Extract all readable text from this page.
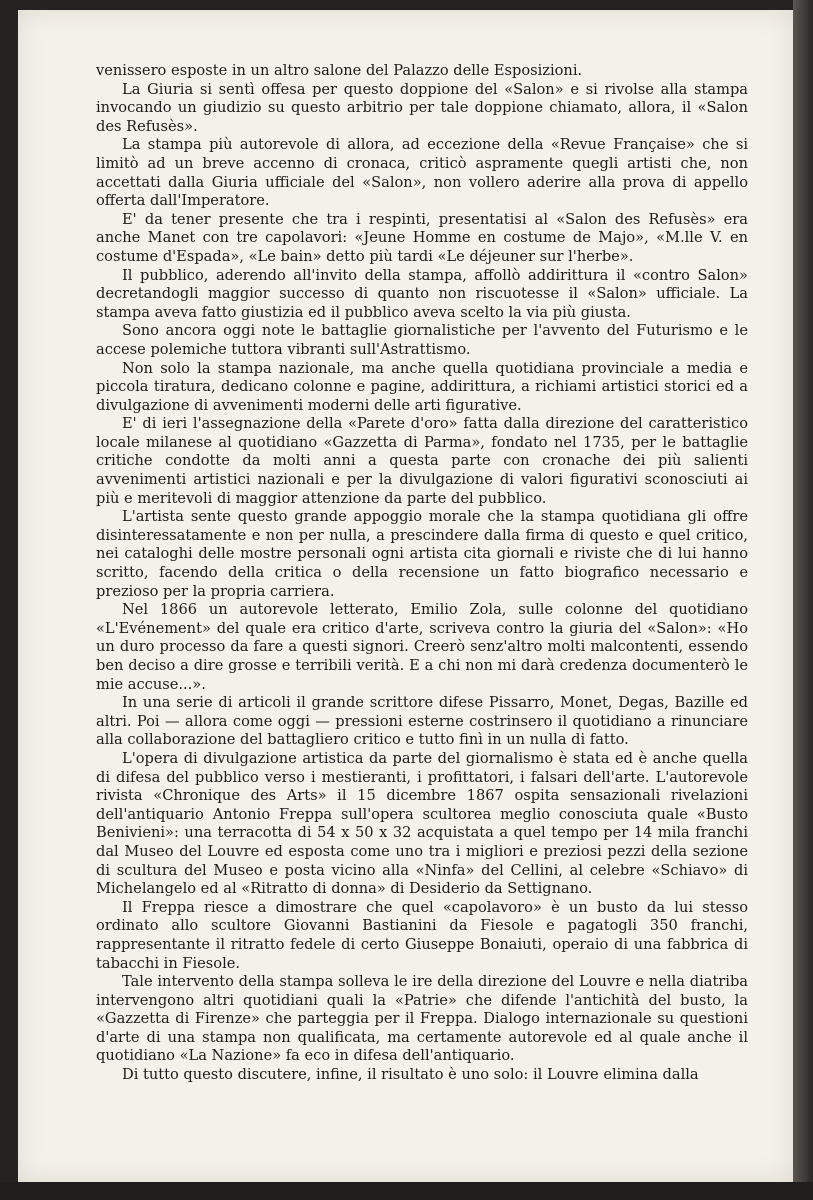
venissero esposte in un altro salone del Palazzo delle Esposizioni.

La Giuria si sentì offesa per questo doppione del «Salon» e si rivolse alla stampa invocando un giudizio su questo arbitrio per tale doppione chiamato, allora, il «Salon des Refusès».

La stampa più autorevole di allora, ad eccezione della «Revue Française» che si limitò ad un breve accenno di cronaca, criticò aspramente quegli artisti che, non accettati dalla Giuria ufficiale del «Salon», non vollero aderire alla prova di appello offerta dall'Imperatore.

E' da tener presente che tra i respinti, presentatisi al «Salon des Refusès» era anche Manet con tre capolavori: «Jeune Homme en costume de Majo», «M.lle V. en costume d'Espada», «Le bain» detto più tardi «Le déjeuner sur l'herbe».

Il pubblico, aderendo all'invito della stampa, affollò addirittura il «contro Salon» decretandogli maggior successo di quanto non riscuotesse il «Salon» ufficiale. La stampa aveva fatto giustizia ed il pubblico aveva scelto la via più giusta.

Sono ancora oggi note le battaglie giornalistiche per l'avvento del Futurismo e le accese polemiche tuttora vibranti sull'Astrattismo.

Non solo la stampa nazionale, ma anche quella quotidiana provinciale a media e piccola tiratura, dedicano colonne e pagine, addirittura, a richiami artistici storici ed a divulgazione di avvenimenti moderni delle arti figurative.

E' di ieri l'assegnazione della «Parete d'oro» fatta dalla direzione del caratteristico locale milanese al quotidiano «Gazzetta di Parma», fondato nel 1735, per le battaglie critiche condotte da molti anni a questa parte con cronache dei più salienti avvenimenti artistici nazionali e per la divulgazione di valori figurativi sconosciuti ai più e meritevoli di maggior attenzione da parte del pubblico.

L'artista sente questo grande appoggio morale che la stampa quotidiana gli offre disinteressatamente e non per nulla, a prescindere dalla firma di questo e quel critico, nei cataloghi delle mostre personali ogni artista cita giornali e riviste che di lui hanno scritto, facendo della critica o della recensione un fatto biografico necessario e prezioso per la propria carriera.

Nel 1866 un autorevole letterato, Emilio Zola, sulle colonne del quotidiano «L'Evénement» del quale era critico d'arte, scriveva contro la giuria del «Salon»: «Ho un duro processo da fare a questi signori. Creerò senz'altro molti malcontenti, essendo ben deciso a dire grosse e terribili verità. E a chi non mi darà credenza documenterò le mie accuse...».

In una serie di articoli il grande scrittore difese Pissarro, Monet, Degas, Bazille ed altri. Poi — allora come oggi — pressioni esterne costrinsero il quotidiano a rinunciare alla collaborazione del battagliero critico e tutto finì in un nulla di fatto.

L'opera di divulgazione artistica da parte del giornalismo è stata ed è anche quella di difesa del pubblico verso i mestieranti, i profittatori, i falsari dell'arte. L'autorevole rivista «Chronique des Arts» il 15 dicembre 1867 ospita sensazionali rivelazioni dell'antiquario Antonio Freppa sull'opera scultorea meglio conosciuta quale «Busto Benivieni»: una terracotta di 54 x 50 x 32 acquistata a quel tempo per 14 mila franchi dal Museo del Louvre ed esposta come uno tra i migliori e preziosi pezzi della sezione di scultura del Museo e posta vicino alla «Ninfa» del Cellini, al celebre «Schiavo» di Michelangelo ed al «Ritratto di donna» di Desiderio da Settignano.

Il Freppa riesce a dimostrare che quel «capolavoro» è un busto da lui stesso ordinato allo scultore Giovanni Bastianini da Fiesole e pagatogli 350 franchi, rappresentante il ritratto fedele di certo Giuseppe Bonaiuti, operaio di una fabbrica di tabacchi in Fiesole.

Tale intervento della stampa solleva le ire della direzione del Louvre e nella diatriba intervengono altri quotidiani quali la «Patrie» che difende l'antichità del busto, la «Gazzetta di Firenze» che parteggia per il Freppa. Dialogo internazionale su questioni d'arte di una stampa non qualificata, ma certamente autorevole ed al quale anche il quotidiano «La Nazione» fa eco in difesa dell'antiquario.

Di tutto questo discutere, infine, il risultato è uno solo: il Louvre elimina dalla
